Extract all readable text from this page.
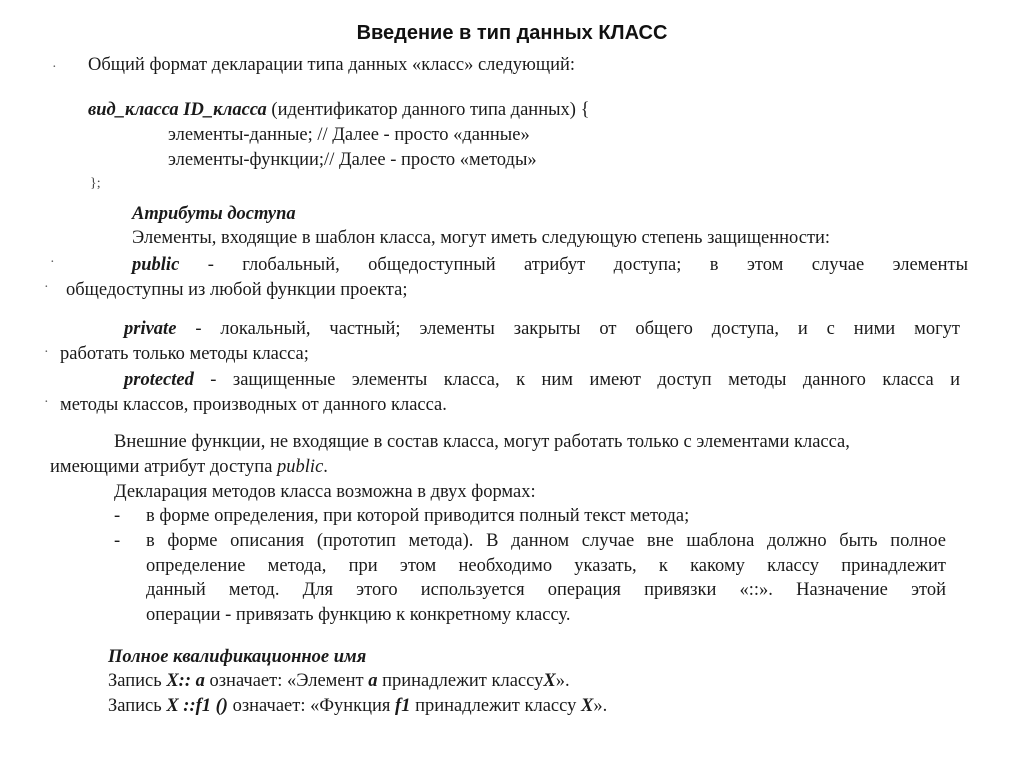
Введение в тип данных КЛАСС
Общий формат декларации типа данных «класс» следующий:
вид_класса ID_класса (идентификатор данного типа данных) {
элементы-данные; // Далее - просто «данные»
элементы-функции;// Далее - просто «методы»
};
Атрибуты доступа
Элементы, входящие в шаблон класса, могут иметь следующую степень защищенности:
public - глобальный, общедоступный атрибут доступа; в этом случае элементы
общедоступны из любой функции проекта;
private - локальный, частный; элементы закрыты от общего доступа, и с ними могут
работать только методы класса;
protected - защищенные элементы класса, к ним имеют доступ методы данного класса и
методы классов, производных от данного класса.
Внешние функции, не входящие в состав класса, могут работать только с элементами класса,
имеющими атрибут доступа public.
Декларация методов класса возможна в двух формах:
- в форме определения, при которой приводится полный текст метода;
- в форме описания (прототип метода). В данном случае вне шаблона должно быть полное
определение метода, при этом необходимо указать, к какому классу принадлежит
данный метод. Для этого используется операция привязки «::». Назначение этой
операции - привязать функцию к конкретному классу.
Полное квалификационное имя
Запись X:: a означает: «Элемент а принадлежит классуX».
Запись X ::f1 () означает: «Функция f1 принадлежит классу X».
·
·
·
·
·
